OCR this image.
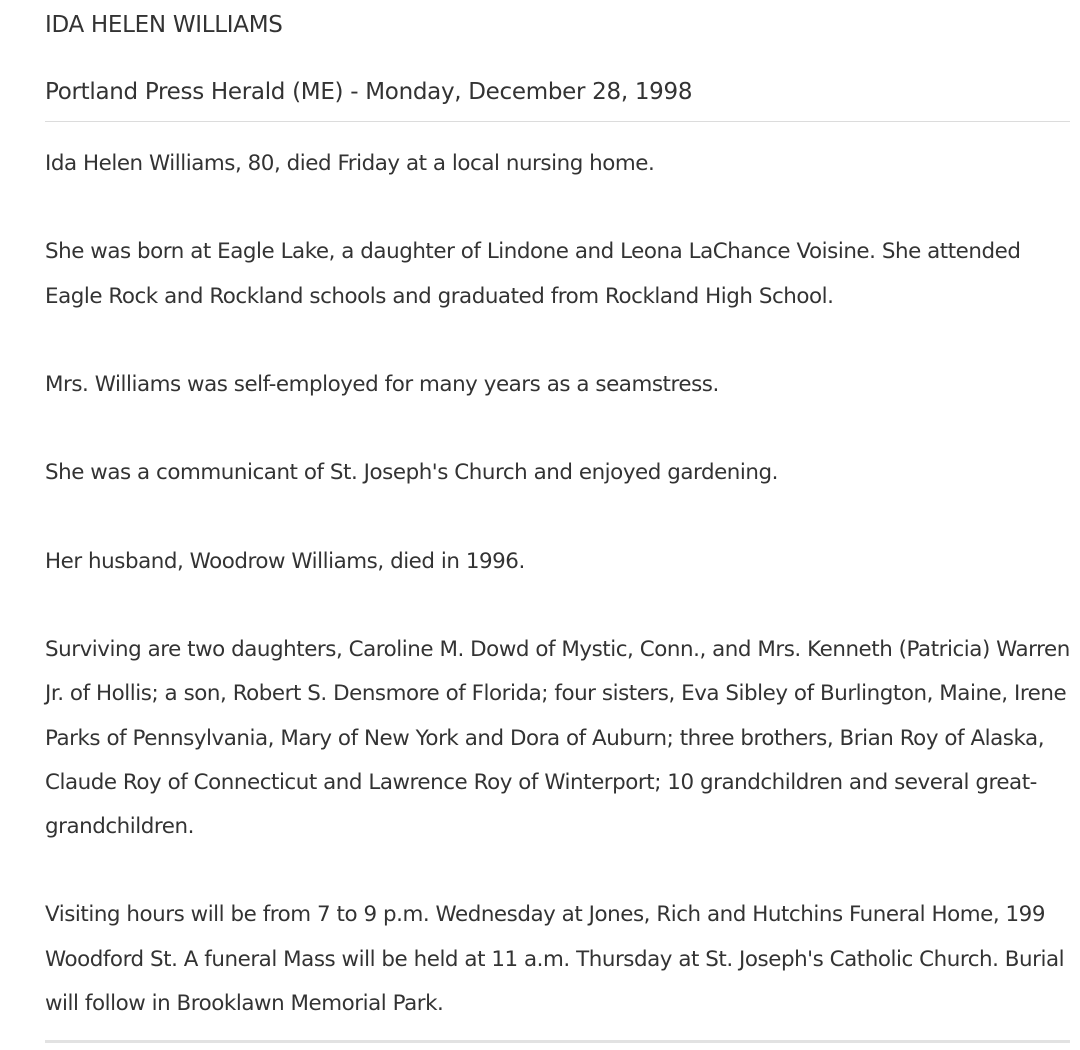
IDA HELEN WILLIAMS
Portland Press Herald (ME) - Monday, December 28, 1998

Ida Helen Williams, 80, died Friday at a local nursing home.

She was born at Eagle Lake, a daughter of Lindone and Leona LaChance Voisine. She attended Eagle Rock and Rockland schools and graduated from Rockland High School.

Mrs. Williams was self-employed for many years as a seamstress.

She was a communicant of St. Joseph's Church and enjoyed gardening.

Her husband, Woodrow Williams, died in 1996.

Surviving are two daughters, Caroline M. Dowd of Mystic, Conn., and Mrs. Kenneth (Patricia) Warren Jr. of Hollis; a son, Robert S. Densmore of Florida; four sisters, Eva Sibley of Burlington, Maine, Irene Parks of Pennsylvania, Mary of New York and Dora of Auburn; three brothers, Brian Roy of Alaska, Claude Roy of Connecticut and Lawrence Roy of Winterport; 10 grandchildren and several great-grandchildren.

Visiting hours will be from 7 to 9 p.m. Wednesday at Jones, Rich and Hutchins Funeral Home, 199 Woodford St. A funeral Mass will be held at 11 a.m. Thursday at St. Joseph's Catholic Church. Burial will follow in Brooklawn Memorial Park.
